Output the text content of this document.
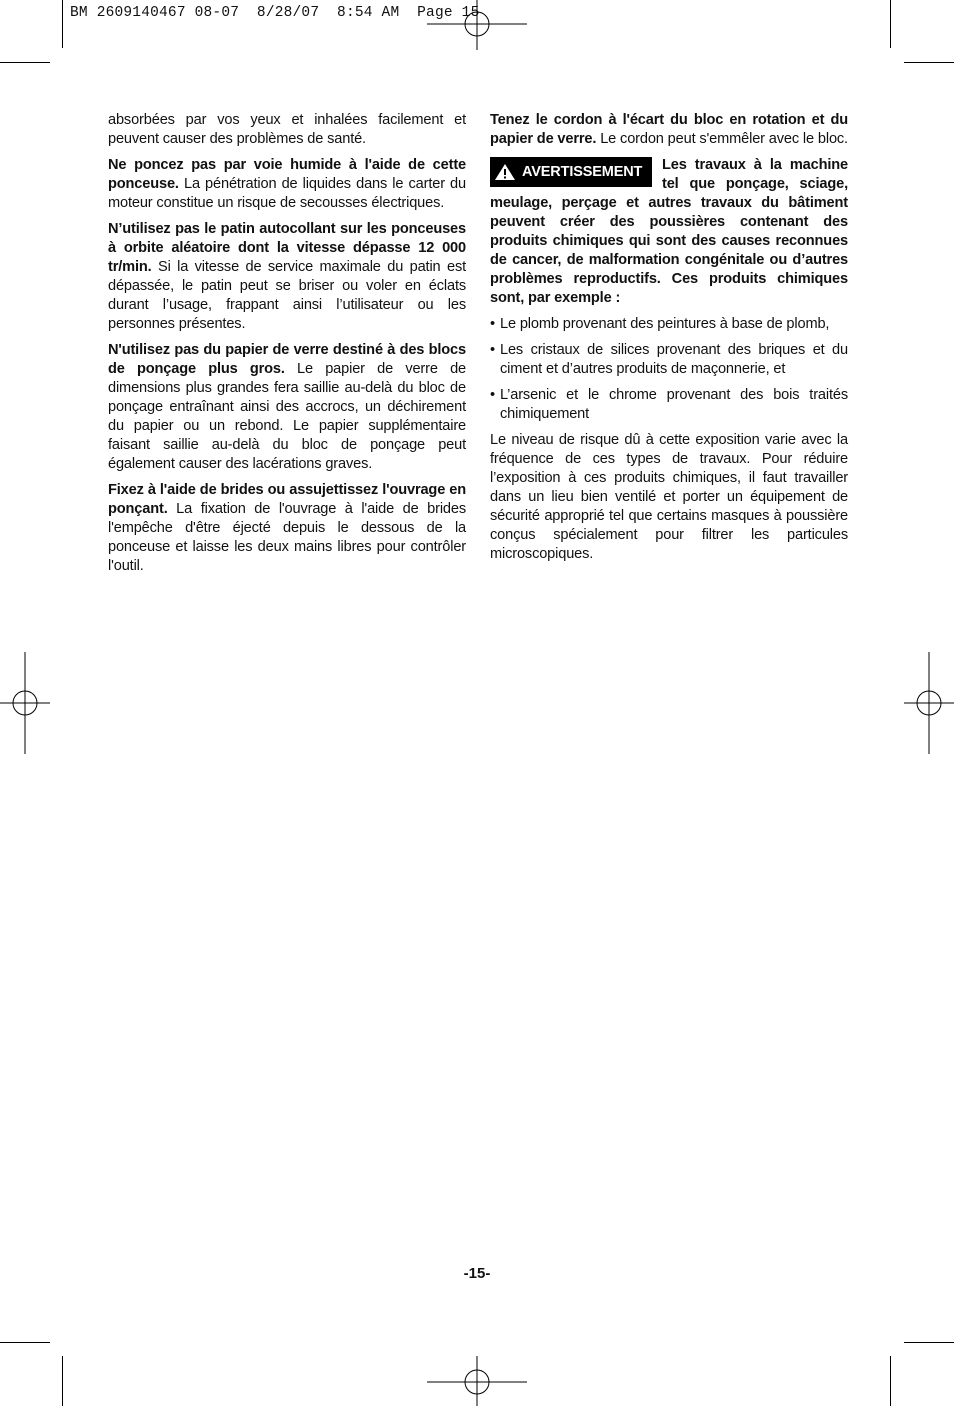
BM 2609140467 08-07  8/28/07  8:54 AM  Page 15

absorbées par vos yeux et inhalées facilement et peuvent causer des problèmes de santé.

Ne poncez pas par voie humide à l'aide de cette ponceuse. La pénétration de liquides dans le carter du moteur constitue un risque de secousses électriques.

N’utilisez pas le patin autocollant sur les ponceuses à orbite aléatoire dont la vitesse dépasse 12 000 tr/min. Si la vitesse de service maximale du patin est dépassée, le patin peut se briser ou voler en éclats durant l’usage, frappant ainsi l’utilisateur ou les personnes présentes.

N'utilisez pas du papier de verre destiné à des blocs de ponçage plus gros. Le papier de verre de dimensions plus grandes fera saillie au-delà du bloc de ponçage entraînant ainsi des accrocs, un déchirement du papier ou un rebond. Le papier supplémentaire faisant saillie au-delà du bloc de ponçage peut également causer des lacérations graves.

Fixez à l'aide de brides ou assujettissez l'ouvrage en ponçant. La fixation de l'ouvrage à l'aide de brides l'empêche d'être éjecté depuis le dessous de la ponceuse et laisse les deux mains libres pour contrôler l'outil.

Tenez le cordon à l'écart du bloc en rotation et du papier de verre. Le cordon peut s'emmêler avec le bloc.

AVERTISSEMENT Les travaux à la machine tel que ponçage, sciage, meulage, perçage et autres travaux du bâtiment peuvent créer des poussières contenant des produits chimiques qui sont des causes reconnues de cancer, de malformation congénitale ou d’autres problèmes reproductifs. Ces produits chimiques sont, par exemple :
• Le plomb provenant des peintures à base de plomb,
• Les cristaux de silices provenant des briques et du ciment et d’autres produits de maçonnerie, et
• L’arsenic et le chrome provenant des bois traités chimiquement

Le niveau de risque dû à cette exposition varie avec la fréquence de ces types de travaux. Pour réduire l’exposition à ces produits chimiques, il faut travailler dans un lieu bien ventilé et porter un équipement de sécurité approprié tel que certains masques à poussière conçus spécialement pour filtrer les particules microscopiques.

-15-
